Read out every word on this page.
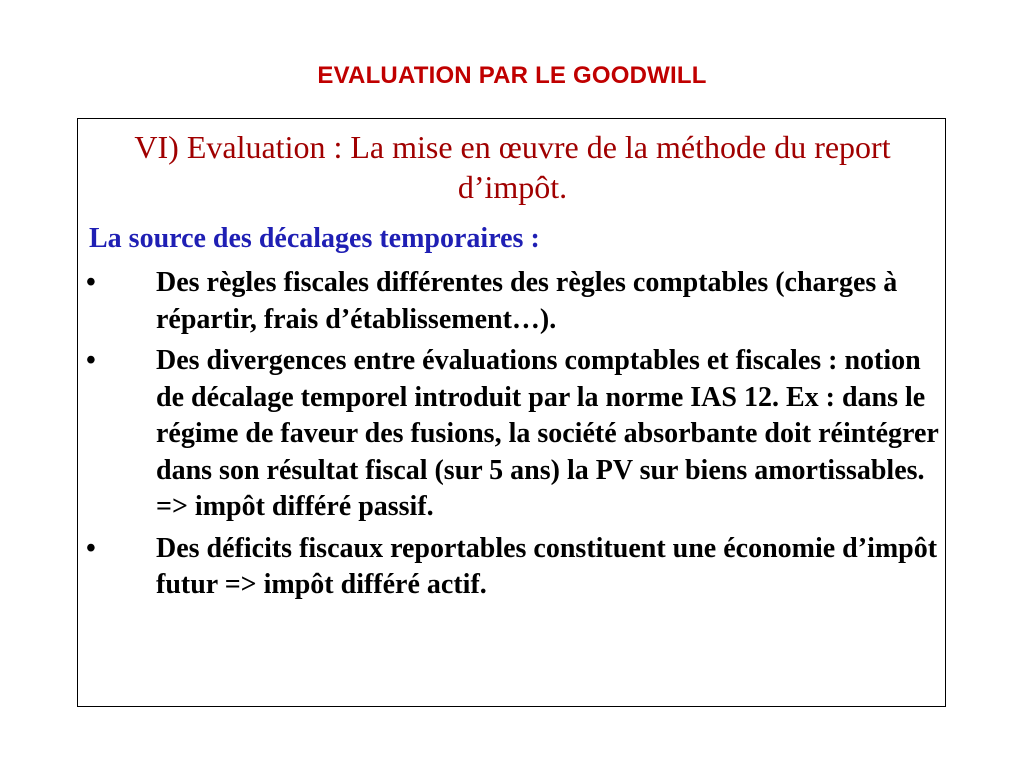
EVALUATION PAR LE GOODWILL
VI) Evaluation : La mise en œuvre de la méthode du report d’impôt.
La source des décalages temporaires :
• Des règles fiscales différentes des règles comptables (charges à répartir, frais d’établissement…).
• Des divergences entre évaluations comptables et fiscales : notion de décalage temporel introduit par la norme IAS 12. Ex : dans le régime de faveur des fusions, la société absorbante doit réintégrer dans son résultat fiscal (sur 5 ans) la PV sur biens amortissables. => impôt différé passif.
• Des déficits fiscaux reportables constituent une économie d’impôt futur => impôt différé actif.
